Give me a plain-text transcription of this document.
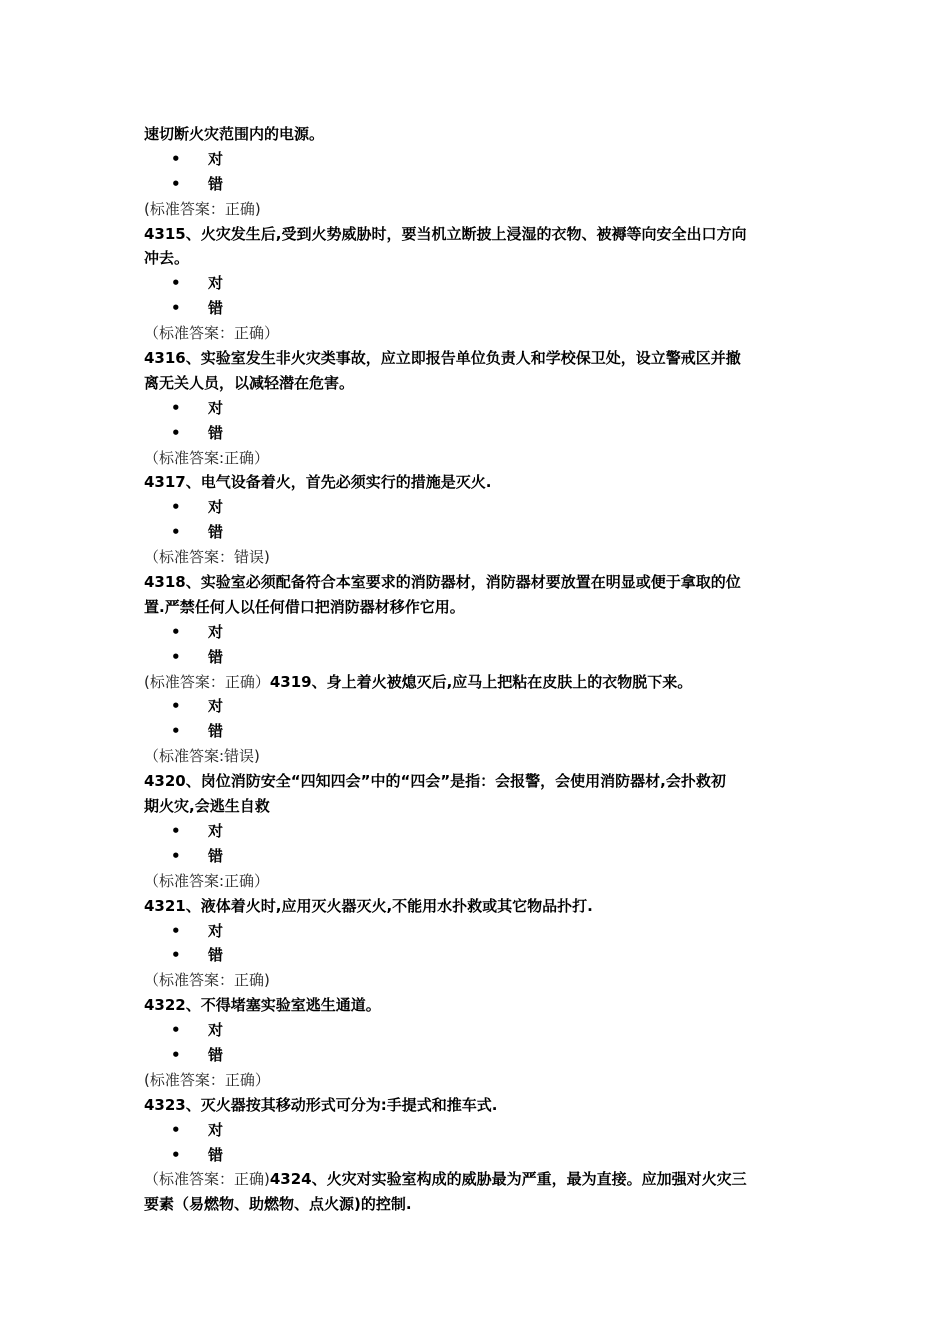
速切断火灾范围内的电源。
• 对
• 错
(标准答案：正确)
4315、火灾发生后,受到火势威胁时，要当机立断披上浸湿的衣物、被褥等向安全出口方向
冲去。
• 对
• 错
（标准答案：正确）
4316、实验室发生非火灾类事故，应立即报告单位负责人和学校保卫处，设立警戒区并撤
离无关人员，以减轻潜在危害。
• 对
• 错
（标准答案:正确）
4317、电气设备着火，首先必须实行的措施是灭火.
• 对
• 错
（标准答案：错误)
4318、实验室必须配备符合本室要求的消防器材，消防器材要放置在明显或便于拿取的位
置.严禁任何人以任何借口把消防器材移作它用。
• 对
• 错
(标准答案：正确）4319、身上着火被熄灭后,应马上把粘在皮肤上的衣物脱下来。
• 对
• 错
（标准答案:错误)
4320、岗位消防安全“四知四会”中的“四会”是指：会报警，会使用消防器材,会扑救初
期火灾,会逃生自救
• 对
• 错
（标准答案:正确）
4321、液体着火时,应用灭火器灭火,不能用水扑救或其它物品扑打.
• 对
• 错
（标准答案：正确)
4322、不得堵塞实验室逃生通道。
• 对
• 错
(标准答案：正确）
4323、灭火器按其移动形式可分为:手提式和推车式.
• 对
• 错
（标准答案：正确)4324、火灾对实验室构成的威胁最为严重，最为直接。应加强对火灾三
要素（易燃物、助燃物、点火源)的控制.
